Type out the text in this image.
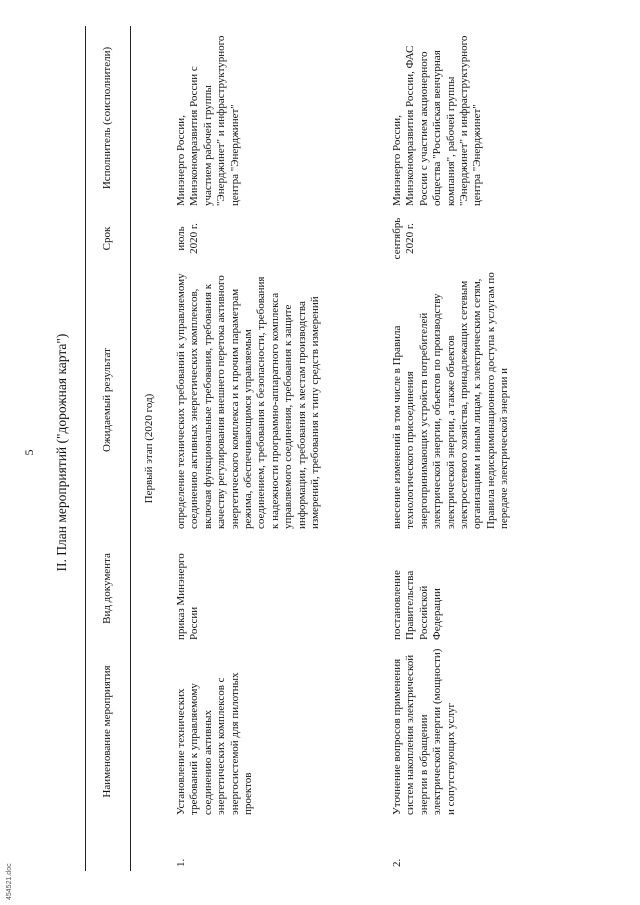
5 II. План мероприятий ("дорожная карта")
	Наименование мероприятия	Вид документа	Ожидаемый результат	Срок	Исполнитель (соисполнители)
Первый этап (2020 год)					
1.	Установление технических требований к управляемому соединению активных энергетических комплексов с энергосистемой для пилотных проектов	приказ Минэнерго России	определение технических требований к управляемому соединению активных энергетических комплексов, включая функциональные требования, требования к качеству регулирования внешнего перетока активного энергетического комплекса и к прочим параметрам режима, обеспечивающимся управляемым соединением, требования к безопасности, требования к надежности программно-аппаратного комплекса управляемого соединения, требования к защите информации, требования к местам производства измерений, требования к типу средств измерений	июль 2020 г.	Минэнерго России, Минэкономразвития России с участием рабочей группы "Энерджинет" и инфраструктурного центра "Энерджинет"
2.	Уточнение вопросов применения систем накопления электрической энергии в обращении электрической энергии (мощности) и сопутствующих услуг	постановление Правительства Российской Федерации	внесение изменений в том числе в Правила технологического присоединения энергопринимающих устройств потребителей электрической энергии, объектов по производству электрической энергии, а также объектов электросетевого хозяйства, принадлежащих сетевым организациям и иным лицам, к электрическим сетям, Правила недискриминационного доступа к услугам по передаче электрической энергии и	сентябрь 2020 г.	Минэнерго России, Минэкономразвития России, ФАС России с участием акционерного общества "Российская венчурная компания", рабочей группы "Энерджинет" и инфраструктурного центра "Энерджинет"
454521.doc
